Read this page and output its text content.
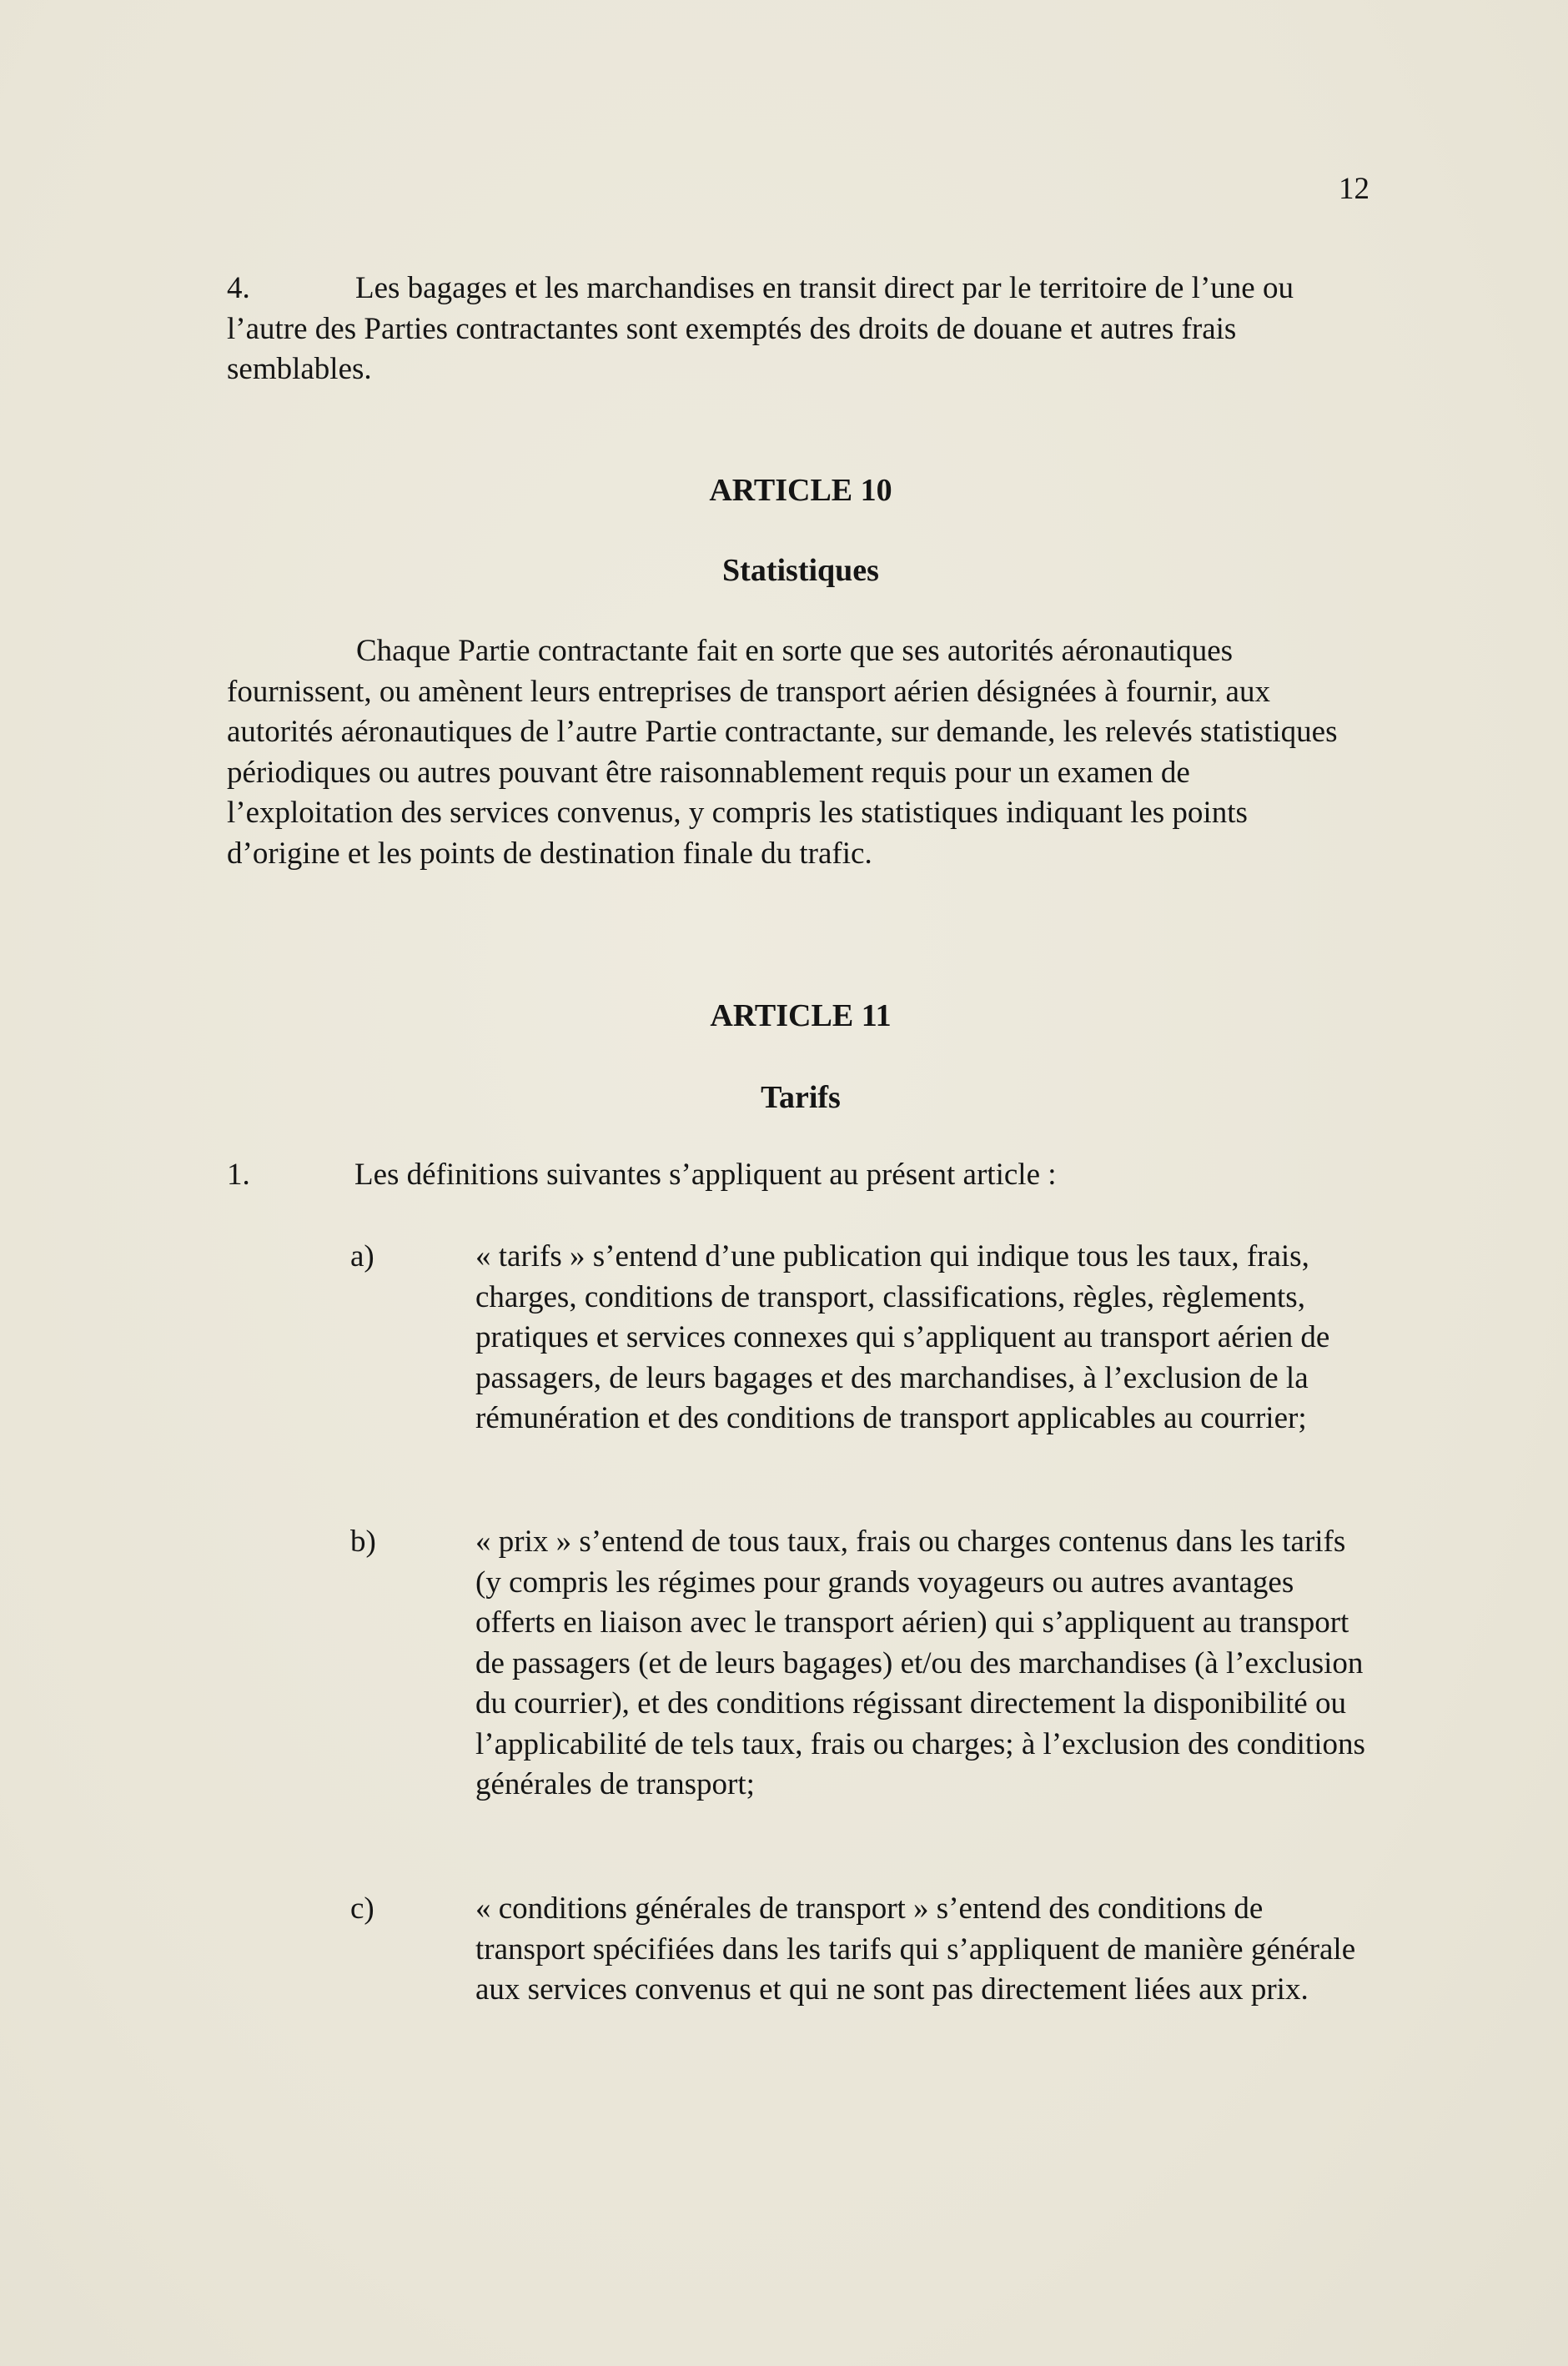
12

4.	Les bagages et les marchandises en transit direct par le territoire de l’une ou l’autre des Parties contractantes sont exemptés des droits de douane et autres frais semblables.

ARTICLE 10

Statistiques

Chaque Partie contractante fait en sorte que ses autorités aéronautiques fournissent, ou amènent leurs entreprises de transport aérien désignées à fournir, aux autorités aéronautiques de l’autre Partie contractante, sur demande, les relevés statistiques périodiques ou autres pouvant être raisonnablement requis pour un examen de l’exploitation des services convenus, y compris les statistiques indiquant les points d’origine et les points de destination finale du trafic.

ARTICLE 11

Tarifs

1.	Les définitions suivantes s’appliquent au présent article :

a)	« tarifs » s’entend d’une publication qui indique tous les taux, frais, charges, conditions de transport, classifications, règles, règlements, pratiques et services connexes qui s’appliquent au transport aérien de passagers, de leurs bagages et des marchandises, à l’exclusion de la rémunération et des conditions de transport applicables au courrier;

b)	« prix » s’entend de tous taux, frais ou charges contenus dans les tarifs (y compris les régimes pour grands voyageurs ou autres avantages offerts en liaison avec le transport aérien) qui s’appliquent au transport de passagers (et de leurs bagages) et/ou des marchandises (à l’exclusion du courrier), et des conditions régissant directement la disponibilité ou l’applicabilité de tels taux, frais ou charges; à l’exclusion des conditions générales de transport;

c)	« conditions générales de transport » s’entend des conditions de transport spécifiées dans les tarifs qui s’appliquent de manière générale aux services convenus et qui ne sont pas directement liées aux prix.
